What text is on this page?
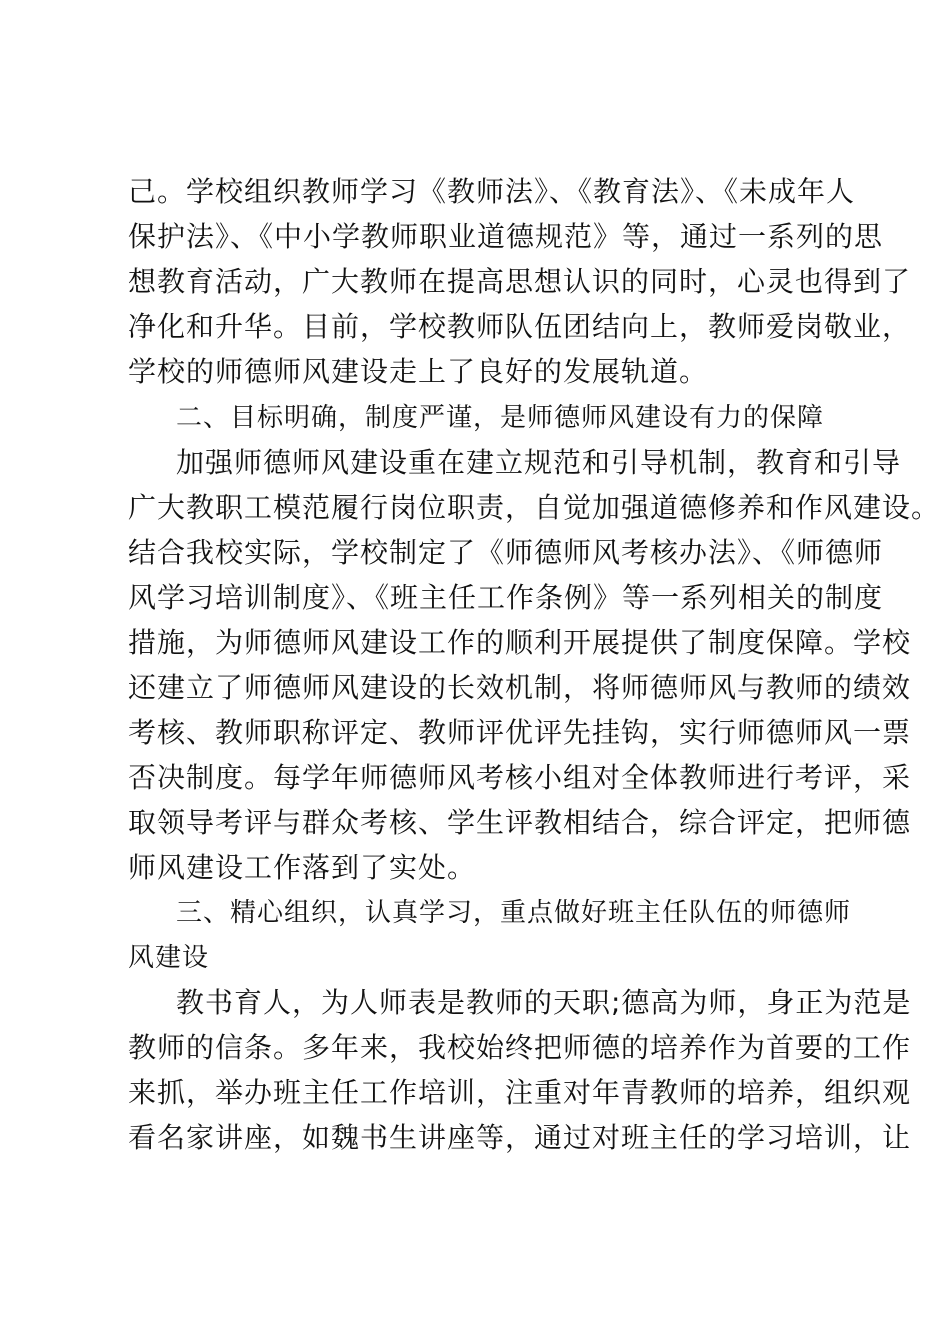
己。学校组织教师学习《教师法》、《教育法》、《未成年人
保护法》、《中小学教师职业道德规范》等，通过一系列的思
想教育活动，广大教师在提高思想认识的同时，心灵也得到了
净化和升华。目前，学校教师队伍团结向上，教师爱岗敬业，
学校的师德师风建设走上了良好的发展轨道。
二、目标明确，制度严谨，是师德师风建设有力的保障
加强师德师风建设重在建立规范和引导机制，教育和引导
广大教职工模范履行岗位职责，自觉加强道德修养和作风建设。
结合我校实际，学校制定了《师德师风考核办法》、《师德师
风学习培训制度》、《班主任工作条例》等一系列相关的制度
措施，为师德师风建设工作的顺利开展提供了制度保障。学校
还建立了师德师风建设的长效机制，将师德师风与教师的绩效
考核、教师职称评定、教师评优评先挂钩，实行师德师风一票
否决制度。每学年师德师风考核小组对全体教师进行考评，采
取领导考评与群众考核、学生评教相结合，综合评定，把师德
师风建设工作落到了实处。
三、精心组织，认真学习，重点做好班主任队伍的师德师
风建设
教书育人，为人师表是教师的天职;德高为师，身正为范是
教师的信条。多年来，我校始终把师德的培养作为首要的工作
来抓，举办班主任工作培训，注重对年青教师的培养，组织观
看名家讲座，如魏书生讲座等，通过对班主任的学习培训，让
